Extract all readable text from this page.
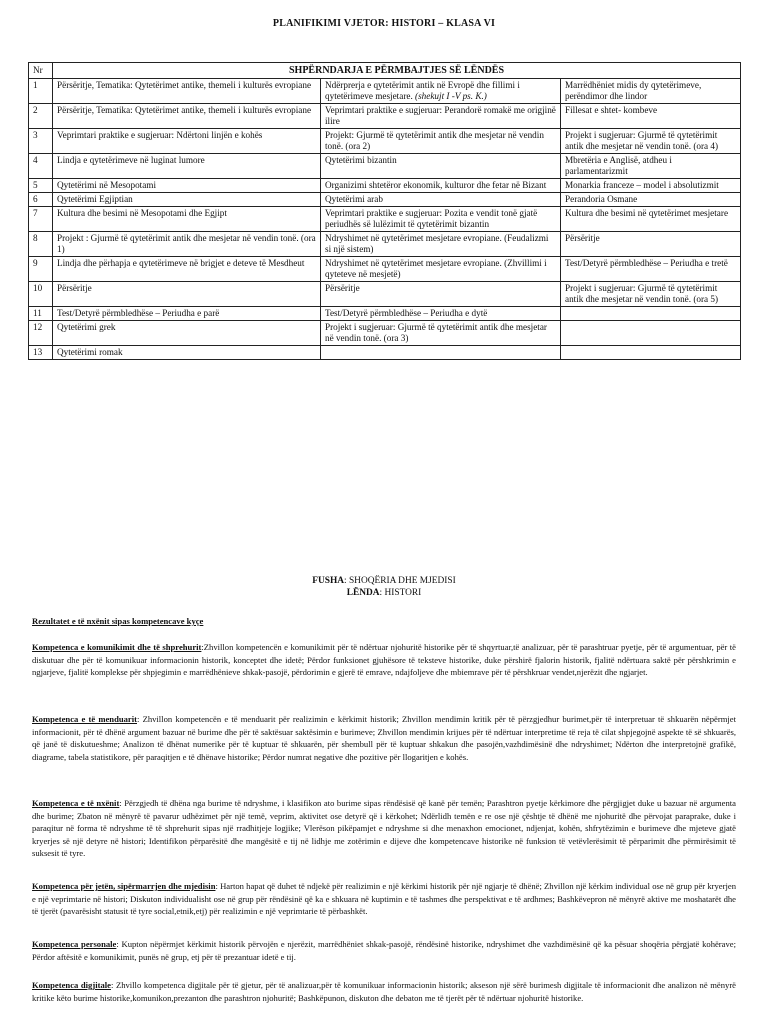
PLANIFIKIMI VJETOR: HISTORI – KLASA VI
Nr	SHPËRNDARJA E PËRMBAJTJES SË LËNDËS		
1	Përsëritje, Tematika: Qytetërimet antike, themeli i kulturës evropiane	Ndërprerja e qytetërimit antik në Evropë dhe fillimi i qytetërimeve mesjetare. (shekujt I -V ps. K.)	Marrëdhëniet midis dy qytetërimeve, perëndimor dhe lindor
2	Përsëritje, Tematika: Qytetërimet antike, themeli i kulturës evropiane	Veprimtari praktike e sugjeruar: Perandorë romakë me origjinë ilire	Fillesat e shtet- kombeve
3	Veprimtari praktike e sugjeruar: Ndërtoni linjën e kohës	Projekt: Gjurmë të qytetërimit antik dhe mesjetar në vendin tonë. (ora 2)	Projekt i sugjeruar: Gjurmë të qytetërimit antik dhe mesjetar në vendin tonë. (ora 4)
4	Lindja e qytetërimeve në luginat lumore	Qytetërimi bizantin	Mbretëria e Anglisë, atdheu i parlamentarizmit
5	Qytetërimi në Mesopotami	Organizimi shtetëror ekonomik, kulturor dhe fetar në Bizant	Monarkia franceze – model i absolutizmit
6	Qytetërimi Egjiptian	Qytetërimi arab	Perandoria Osmane
7	Kultura dhe besimi në Mesopotami dhe Egjipt	Veprimtari praktike e sugjeruar: Pozita e vendit tonë gjatë periudhës së lulëzimit të qytetërimit bizantin	Kultura dhe besimi në qytetërimet mesjetare
8	Projekt : Gjurmë të qytetërimit antik dhe mesjetar në vendin tonë. (ora 1)	Ndryshimet në qytetërimet mesjetare evropiane. (Feudalizmi si një sistem)	Përsëritje
9	Lindja dhe përhapja e qytetërimeve në brigjet e deteve të Mesdheut	Ndryshimet në qytetërimet mesjetare evropiane. (Zhvillimi i qyteteve në mesjetë)	Test/Detyrë përmbledhëse – Periudha e tretë
10	Përsëritje	Përsëritje	Projekt i sugjeruar: Gjurmë të qytetërimit antik dhe mesjetar në vendin tonë. (ora 5)
11	Test/Detyrë përmbledhëse – Periudha e parë	Test/Detyrë përmbledhëse – Periudha e dytë	
12	Qytetërimi grek	Projekt i sugjeruar: Gjurmë të qytetërimit antik dhe mesjetar në vendin tonë. (ora 3)	
13	Qytetërimi romak		
FUSHA: SHOQËRIA DHE MJEDISI
LËNDA: HISTORI
Rezultatet e të nxënit sipas kompetencave kyçe
Kompetenca e komunikimit dhe të shprehurit:Zhvillon kompetencën e komunikimit për të ndërtuar njohuritë historike për të shqyrtuar,të analizuar, për të parashtruar pyetje, për të argumentuar, për të diskutuar dhe për të komunikuar informacionin historik, konceptet dhe idetë; Përdor funksionet gjuhësore të teksteve historike, duke përshirë fjalorin historik, fjalitë ndërtuara saktë për përshkrimin e ngjarjeve, fjalitë komplekse për shpjegimin e marrëdhënieve shkak-pasojë, përdorimin e gjerë të emrave, ndajfoljeve dhe mbiemrave për të përshkruar vendet,njerëzit dhe ngjarjet.
Kompetenca e të menduarit: Zhvillon kompetencën e të menduarit për realizimin e kërkimit historik; Zhvillon mendimin kritik për të përzgjedhur burimet,për të interpretuar të shkuarën nëpërmjet informacionit, për të dhënë argument bazuar në burime dhe për të saktësuar saktësimin e burimeve; Zhvillon mendimin krijues për të ndërtuar interpretime të reja të cilat shpjegojnë aspekte të së shkuarës, që janë të diskutueshme; Analizon të dhënat numerike për të kuptuar të shkuarën, për shembull për të kuptuar shkakun dhe pasojën,vazhdimësinë dhe ndryshimet; Ndërton dhe interpretojnë grafikë, diagrame, tabela statistikore, për paraqitjen e të dhënave historike; Përdor numrat negative dhe pozitive për llogaritjen e kohës.
Kompetenca e të nxënit: Përzgjedh të dhëna nga burime të ndryshme, i klasifikon ato burime sipas rëndësisë që kanë për temën; Parashtron pyetje kërkimore dhe përgjigjet duke u bazuar në argumenta dhe burime; Zbaton në mënyrë të pavarur udhëzimet për një temë, veprim, aktivitet ose detyrë që i kërkohet; Ndërlidh temën e re ose një çështje të dhënë me njohuritë dhe përvojat paraprake, duke i paraqitur në forma të ndryshme të të shprehurit sipas një rradhitjeje logjike; Vlerëson pikëpamjet e ndryshme si dhe menaxhon emocionet, ndjenjat, kohën, shfrytëzimin e burimeve dhe mjeteve gjatë kryerjes së një detyre në histori; Identifikon përparësitë dhe mangësitë e tij në lidhje me zotërimin e dijeve dhe kompetencave historike në funksion të vetëvlerësimit të përparimit dhe përmirësimit të suksesit të tyre.
Kompetenca për jetën, sipërmarrjen dhe mjedisin: Harton hapat që duhet të ndjekë për realizimin e një kërkimi historik për një ngjarje të dhënë; Zhvillon një kërkim individual ose në grup për kryerjen e një veprimtarie në histori; Diskuton individualisht ose në grup për rëndësinë që ka e shkuara në kuptimin e të tashmes dhe perspektivat e të ardhmes; Bashkëvepron në mënyrë aktive me moshatarët dhe të tjerët (pavarësisht statusit të tyre social,etnik,etj) për realizimin e një veprimtarie të përbashkët.
Kompetenca personale: Kupton nëpërmjet kërkimit historik përvojën e njerëzit, marrëdhëniet shkak-pasojë, rëndësinë historike, ndryshimet dhe vazhdimësinë që ka pësuar shoqëria përgjatë kohërave; Përdor aftësitë e komunikimit, punës në grup, etj për të prezantuar idetë e tij.
Kompetenca digjitale: Zhvillo kompetenca digjitale për të gjetur, për të analizuar,për të komunikuar informacionin historik; akseson një sërë burimesh digjitale të informacionit dhe analizon në mënyrë kritike këto burime historike,komunikon,prezanton dhe parashtron njohuritë; Bashkëpunon, diskuton dhe debaton me të tjerët për të ndërtuar njohuritë historike.
